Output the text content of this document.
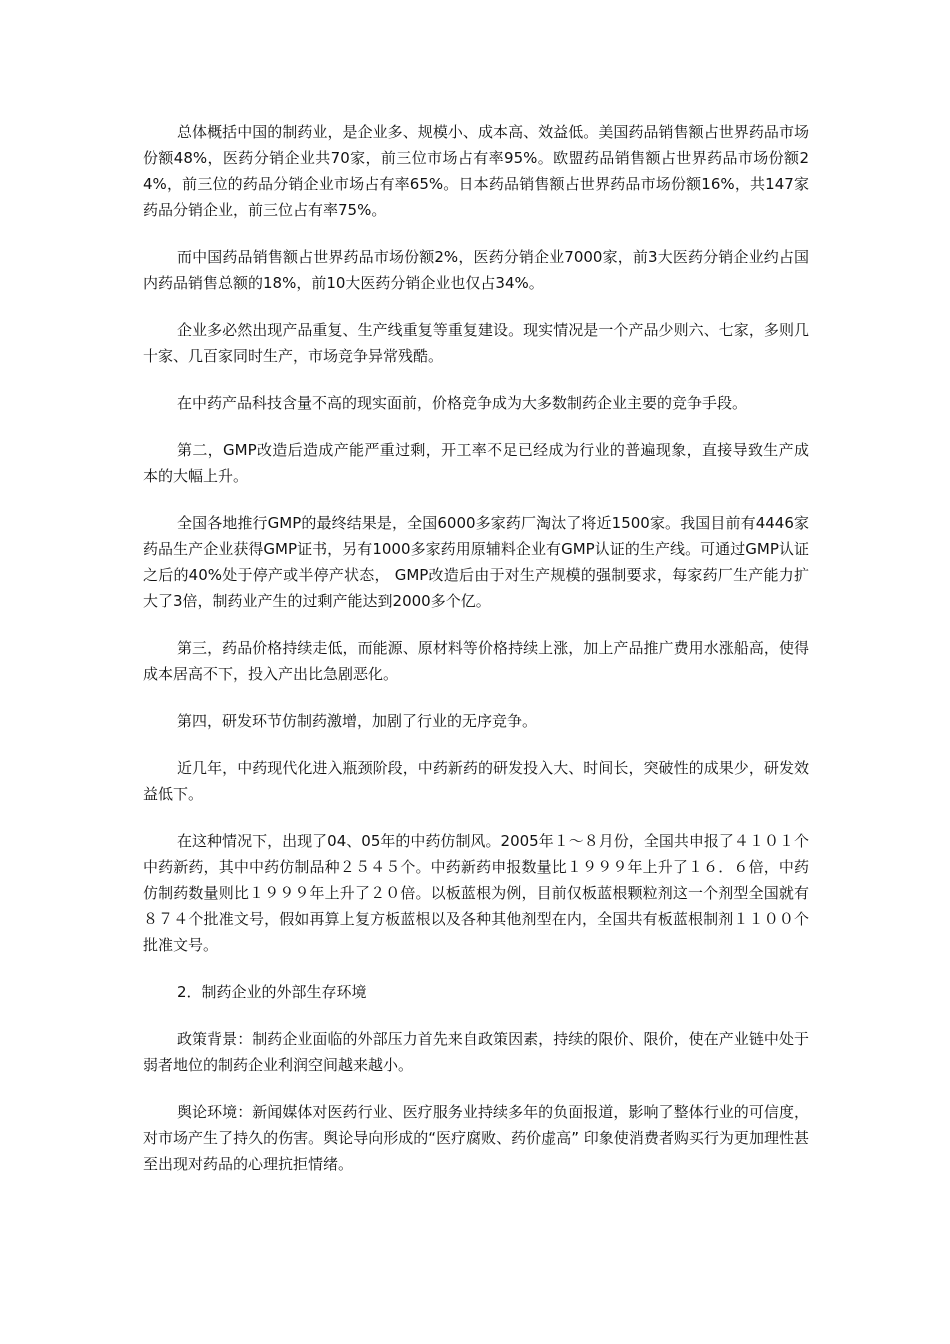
总体概括中国的制药业，是企业多、规模小、成本高、效益低。美国药品销售额占世界药品市场份额48%，医药分销企业共70家，前三位市场占有率95%。欧盟药品销售额占世界药品市场份额24%，前三位的药品分销企业市场占有率65%。日本药品销售额占世界药品市场份额16%，共147家药品分销企业，前三位占有率75%。

而中国药品销售额占世界药品市场份额2%，医药分销企业7000家，前3大医药分销企业约占国内药品销售总额的18%，前10大医药分销企业也仅占34%。

企业多必然出现产品重复、生产线重复等重复建设。现实情况是一个产品少则六、七家，多则几十家、几百家同时生产，市场竞争异常残酷。

在中药产品科技含量不高的现实面前，价格竞争成为大多数制药企业主要的竞争手段。

第二，GMP改造后造成产能严重过剩，开工率不足已经成为行业的普遍现象，直接导致生产成本的大幅上升。

全国各地推行GMP的最终结果是，全国6000多家药厂淘汰了将近1500家。我国目前有4446家药品生产企业获得GMP证书，另有1000多家药用原辅料企业有GMP认证的生产线。可通过GMP认证之后的40%处于停产或半停产状态， GMP改造后由于对生产规模的强制要求，每家药厂生产能力扩大了3倍，制药业产生的过剩产能达到2000多个亿。

第三，药品价格持续走低，而能源、原材料等价格持续上涨，加上产品推广费用水涨船高，使得成本居高不下，投入产出比急剧恶化。

第四，研发环节仿制药激增，加剧了行业的无序竞争。

近几年，中药现代化进入瓶颈阶段，中药新药的研发投入大、时间长，突破性的成果少，研发效益低下。

在这种情况下，出现了04、05年的中药仿制风。2005年１～８月份，全国共申报了４１０１个中药新药，其中中药仿制品种２５４５个。中药新药申报数量比１９９９年上升了１６．６倍，中药仿制药数量则比１９９９年上升了２０倍。以板蓝根为例，目前仅板蓝根颗粒剂这一个剂型全国就有８７４个批准文号，假如再算上复方板蓝根以及各种其他剂型在内，全国共有板蓝根制剂１１００个批准文号。

2．制药企业的外部生存环境

政策背景：制药企业面临的外部压力首先来自政策因素，持续的限价、限价，使在产业链中处于弱者地位的制药企业利润空间越来越小。

舆论环境：新闻媒体对医药行业、医疗服务业持续多年的负面报道，影响了整体行业的可信度，对市场产生了持久的伤害。舆论导向形成的“医疗腐败、药价虚高” 印象使消费者购买行为更加理性甚至出现对药品的心理抗拒情绪。
